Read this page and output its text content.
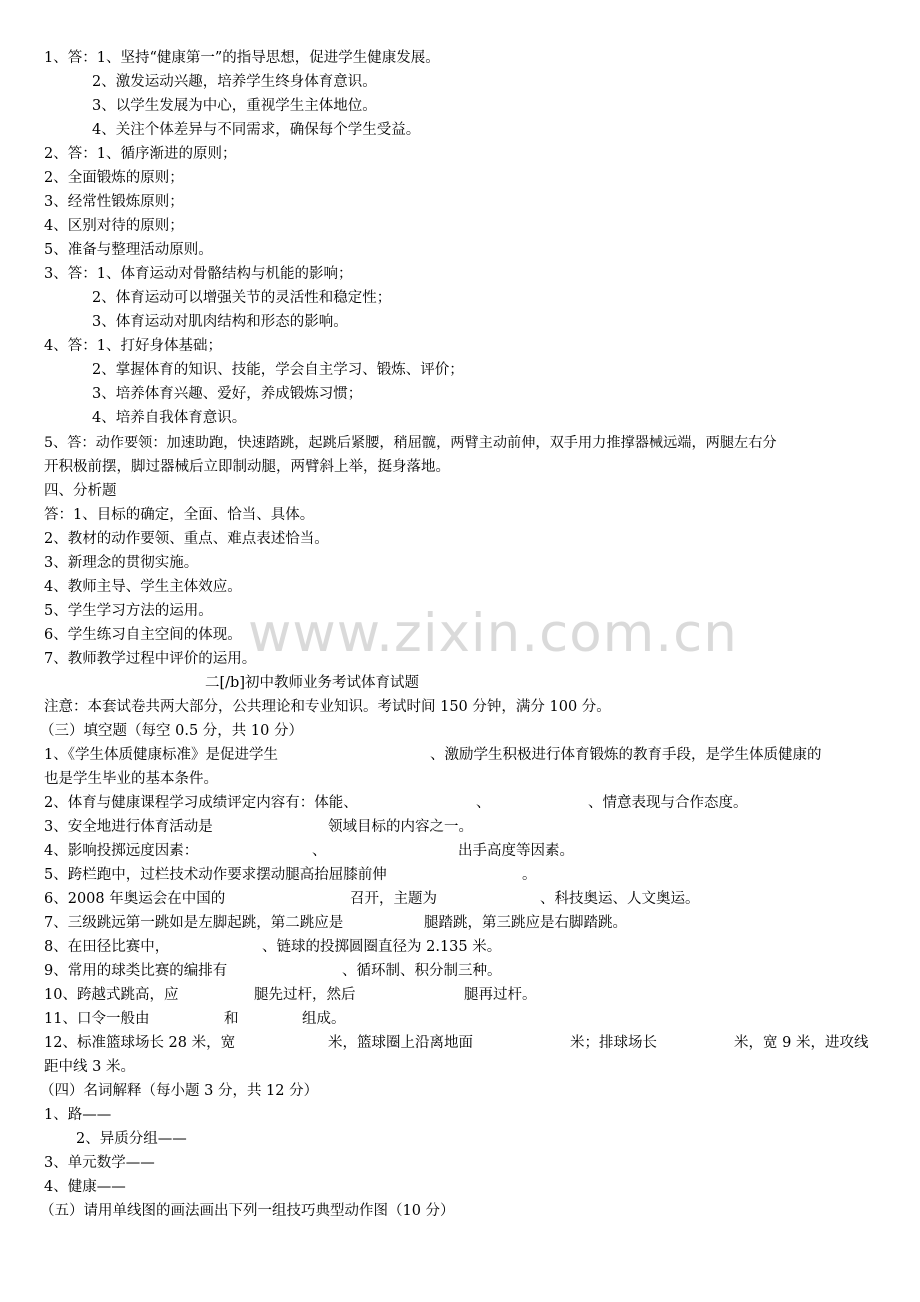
www.zixin.com.cn
1、答：1、坚持“健康第一”的指导思想，促进学生健康发展。
2、激发运动兴趣，培养学生终身体育意识。
3、以学生发展为中心，重视学生主体地位。
4、关注个体差异与不同需求，确保每个学生受益。
2、答：1、循序渐进的原则；
2、全面锻炼的原则；
3、经常性锻炼原则；
4、区别对待的原则；
5、准备与整理活动原则。
3、答：1、体育运动对骨骼结构与机能的影响；
2、体育运动可以增强关节的灵活性和稳定性；
3、体育运动对肌肉结构和形态的影响。
4、答：1、打好身体基础；
2、掌握体育的知识、技能，学会自主学习、锻炼、评价；
3、培养体育兴趣、爱好，养成锻炼习惯；
4、培养自我体育意识。
5、答：动作要领：加速助跑，快速踏跳，起跳后紧腰，稍屈髋，两臂主动前伸，双手用力推撑器械远端，两腿左右分
开积极前摆，脚过器械后立即制动腿，两臂斜上举，挺身落地。
四、分析题
答：1、目标的确定，全面、恰当、具体。
2、教材的动作要领、重点、难点表述恰当。
3、新理念的贯彻实施。
4、教师主导、学生主体效应。
5、学生学习方法的运用。
6、学生练习自主空间的体现。
7、教师教学过程中评价的运用。
二[/b]初中教师业务考试体育试题
注意：本套试卷共两大部分，公共理论和专业知识。考试时间 150 分钟，满分 100 分。
（三）填空题（每空 0.5 分，共 10 分）
1、《学生体质健康标准》是促进学生	、激励学生积极进行体育锻炼的教育手段，是学生体质健康的
也是学生毕业的基本条件。
2、体育与健康课程学习成绩评定内容有：体能、	、	、情意表现与合作态度。
3、安全地进行体育活动是	领域目标的内容之一。
4、影响投掷远度因素：	、	出手高度等因素。
5、跨栏跑中，过栏技术动作要求摆动腿高抬屈膝前伸	。
6、2008 年奥运会在中国的	召开，主题为	、科技奥运、人文奥运。
7、三级跳远第一跳如是左脚起跳，第二跳应是	腿踏跳，第三跳应是右脚踏跳。
8、在田径比赛中，	、链球的投掷圆圈直径为 2.135 米。
9、常用的球类比赛的编排有	、循环制、积分制三种。
10、跨越式跳高，应	腿先过杆，然后	腿再过杆。
11、口令一般由	和	组成。
12、标准篮球场长 28 米，宽	米，篮球圈上沿离地面	米；排球场长	米，宽 9 米，进攻线
距中线 3 米。
（四）名词解释（每小题 3 分，共 12 分）
1、路——
2、异质分组——
3、单元数学——
4、健康——
（五）请用单线图的画法画出下列一组技巧典型动作图（10 分）
